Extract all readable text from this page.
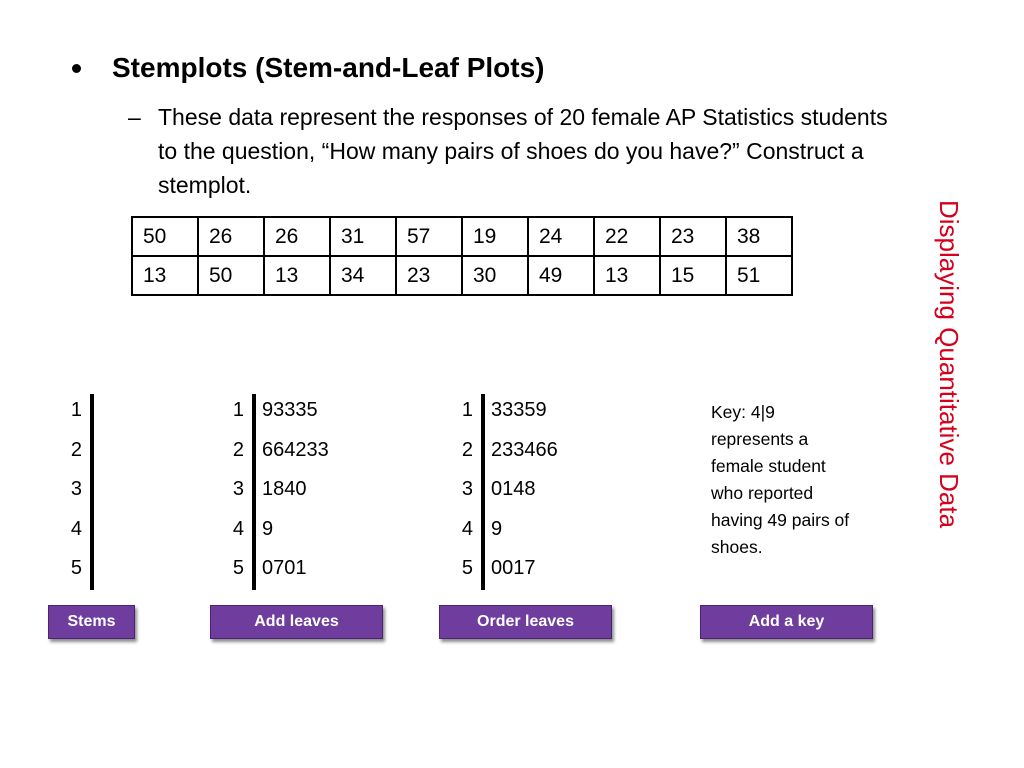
Stemplots (Stem-and-Leaf Plots)
– These data represent the responses of 20 female AP Statistics students to the question, “How many pairs of shoes do you have?” Construct a stemplot.
50	26	26	31	57	19	24	22	23	38
13	50	13	34	23	30	49	13	15	51	Displaying Quantitative Data
1
2
3
4
5
1 93335
2 664233
3 1840
4 9
5 0701
1 33359
2 233466
3 0148
4 9
5 0017
Key: 4|9 represents a female student who reported having 49 pairs of shoes.
Stems	Add leaves	Order leaves	Add a key
